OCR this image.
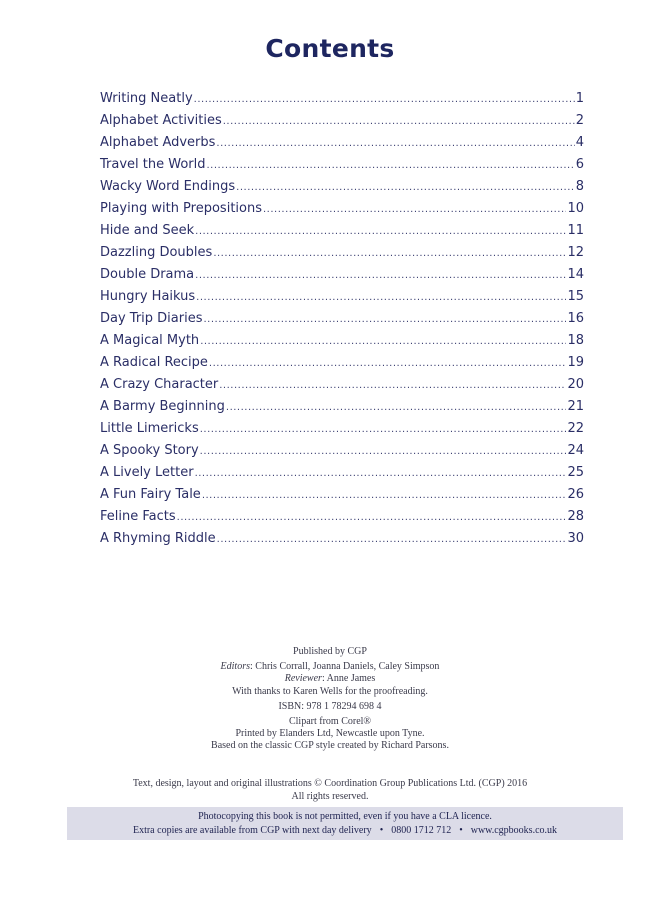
Contents
Writing Neatly .....	1
Alphabet Activities .....	2
Alphabet Adverbs .....	4
Travel the World .....	6
Wacky Word Endings .....	8
Playing with Prepositions .....	10
Hide and Seek .....	11
Dazzling Doubles .....	12
Double Drama .....	14
Hungry Haikus .....	15
Day Trip Diaries .....	16
A Magical Myth .....	18
A Radical Recipe .....	19
A Crazy Character .....	20
A Barmy Beginning .....	21
Little Limericks .....	22
A Spooky Story .....	24
A Lively Letter .....	25
A Fun Fairy Tale .....	26
Feline Facts .....	28
A Rhyming Riddle .....	30
Published by CGP
Editors: Chris Corrall, Joanna Daniels, Caley Simpson
Reviewer: Anne James
With thanks to Karen Wells for the proofreading.
ISBN: 978 1 78294 698 4
Clipart from Corel®
Printed by Elanders Ltd, Newcastle upon Tyne.
Based on the classic CGP style created by Richard Parsons.
Text, design, layout and original illustrations © Coordination Group Publications Ltd. (CGP) 2016
All rights reserved.
Photocopying this book is not permitted, even if you have a CLA licence.
Extra copies are available from CGP with next day delivery • 0800 1712 712 • www.cgpbooks.co.uk
